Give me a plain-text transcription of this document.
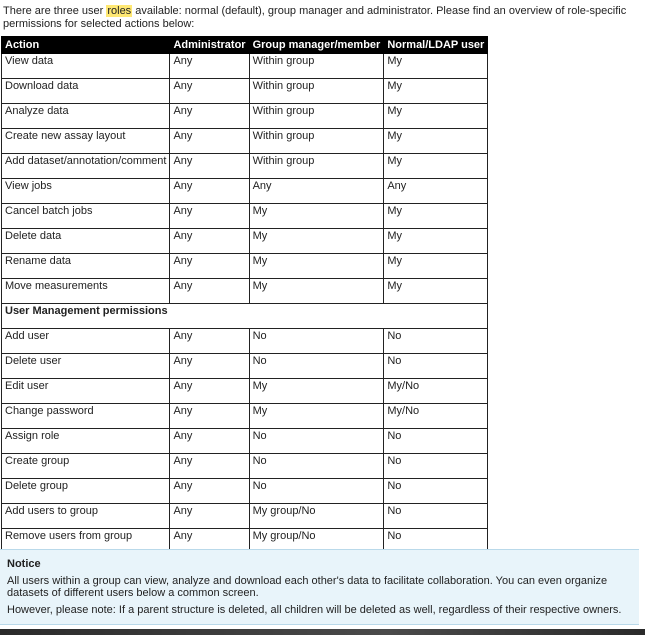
There are three user roles available: normal (default), group manager and administrator. Please find an overview of role-specific permissions for selected actions below:
Action	Administrator	Group manager/member	Normal/LDAP user
View data	Any	Within group	My
Download data	Any	Within group	My
Analyze data	Any	Within group	My
Create new assay layout	Any	Within group	My
Add dataset/annotation/comment	Any	Within group	My
View jobs	Any	Any	Any
Cancel batch jobs	Any	My	My
Delete data	Any	My	My
Rename data	Any	My	My
Move measurements	Any	My	My
User Management permissions			
Add user	Any	No	No
Delete user	Any	No	No
Edit user	Any	My	My/No
Change password	Any	My	My/No
Assign role	Any	No	No
Create group	Any	No	No
Delete group	Any	No	No
Add users to group	Any	My group/No	No
Remove users from group	Any	My group/No	No
Notice

All users within a group can view, analyze and download each other's data to facilitate collaboration. You can even organize datasets of different users below a common screen.

However, please note: If a parent structure is deleted, all children will be deleted as well, regardless of their respective owners.
